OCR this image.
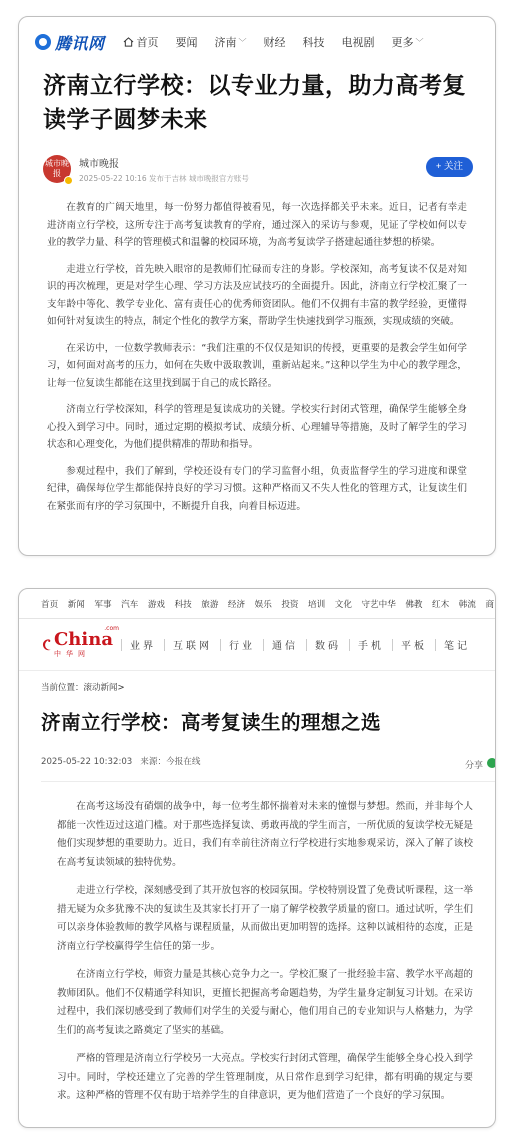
腾讯网	首页 要闻 济南 ﹀ 财经 科技 电视剧 更多 ﹀
济南立行学校：以专业力量，助力高考复读学子圆梦未来
城市晚报
城市晚报
2025-05-22 10:16 发布于吉林 城市晚报官方账号
+ 关注

在教育的广阔天地里，每一份努力都值得被看见，每一次选择都关乎未来。近日，记者有幸走进济南立行学校，这所专注于高考复读教育的学府，通过深入的采访与参观，见证了学校如何以专业的教学力量、科学的管理模式和温馨的校园环境，为高考复读学子搭建起通往梦想的桥梁。

走进立行学校，首先映入眼帘的是教师们忙碌而专注的身影。学校深知，高考复读不仅是对知识的再次梳理，更是对学生心理、学习方法及应试技巧的全面提升。因此，济南立行学校汇聚了一支年龄中等化、教学专业化、富有责任心的优秀师资团队。他们不仅拥有丰富的教学经验，更懂得如何针对复读生的特点，制定个性化的教学方案，帮助学生快速找到学习瓶颈，实现成绩的突破。

在采访中，一位数学教师表示：“我们注重的不仅仅是知识的传授，更重要的是教会学生如何学习，如何面对高考的压力，如何在失败中汲取教训，重新站起来。”这种以学生为中心的教学理念，让每一位复读生都能在这里找到属于自己的成长路径。

济南立行学校深知，科学的管理是复读成功的关键。学校实行封闭式管理，确保学生能够全身心投入到学习中。同时，通过定期的模拟考试、成绩分析、心理辅导等措施，及时了解学生的学习状态和心理变化，为他们提供精准的帮助和指导。

参观过程中，我们了解到，学校还设有专门的学习监督小组，负责监督学生的学习进度和课堂纪律，确保每位学生都能保持良好的学习习惯。这种严格而又不失人性化的管理方式，让复读生们在紧张而有序的学习氛围中，不断提升自我，向着目标迈进。

首页 新闻 军事 汽车 游戏 科技 旅游 经济 娱乐 投资 培训 文化 守艺中华 佛教 红木 韩流 商
China
.com
中华网
业界 互联网 行业 通信 数码 手机 平板 笔记
当前位置：滚动新闻>
济南立行学校：高考复读生的理想之选
2025-05-22 10:32:03 来源：今报在线	分享

在高考这场没有硝烟的战争中，每一位考生都怀揣着对未来的憧憬与梦想。然而，并非每个人都能一次性迈过这道门槛。对于那些选择复读、勇敢再战的学生而言，一所优质的复读学校无疑是他们实现梦想的重要助力。近日，我们有幸前往济南立行学校进行实地参观采访，深入了解了该校在高考复读领域的独特优势。

走进立行学校，深刻感受到了其开放包容的校园氛围。学校特别设置了免费试听课程，这一举措无疑为众多犹豫不决的复读生及其家长打开了一扇了解学校教学质量的窗口。通过试听，学生们可以亲身体验教师的教学风格与课程质量，从而做出更加明智的选择。这种以诚相待的态度，正是济南立行学校赢得学生信任的第一步。

在济南立行学校，师资力量是其核心竞争力之一。学校汇聚了一批经验丰富、教学水平高超的教师团队。他们不仅精通学科知识，更擅长把握高考命题趋势，为学生量身定制复习计划。在采访过程中，我们深切感受到了教师们对学生的关爱与耐心，他们用自己的专业知识与人格魅力，为学生们的高考复读之路奠定了坚实的基础。

严格的管理是济南立行学校另一大亮点。学校实行封闭式管理，确保学生能够全身心投入到学习中。同时，学校还建立了完善的学生管理制度，从日常作息到学习纪律，都有明确的规定与要求。这种严格的管理不仅有助于培养学生的自律意识，更为他们营造了一个良好的学习氛围。
